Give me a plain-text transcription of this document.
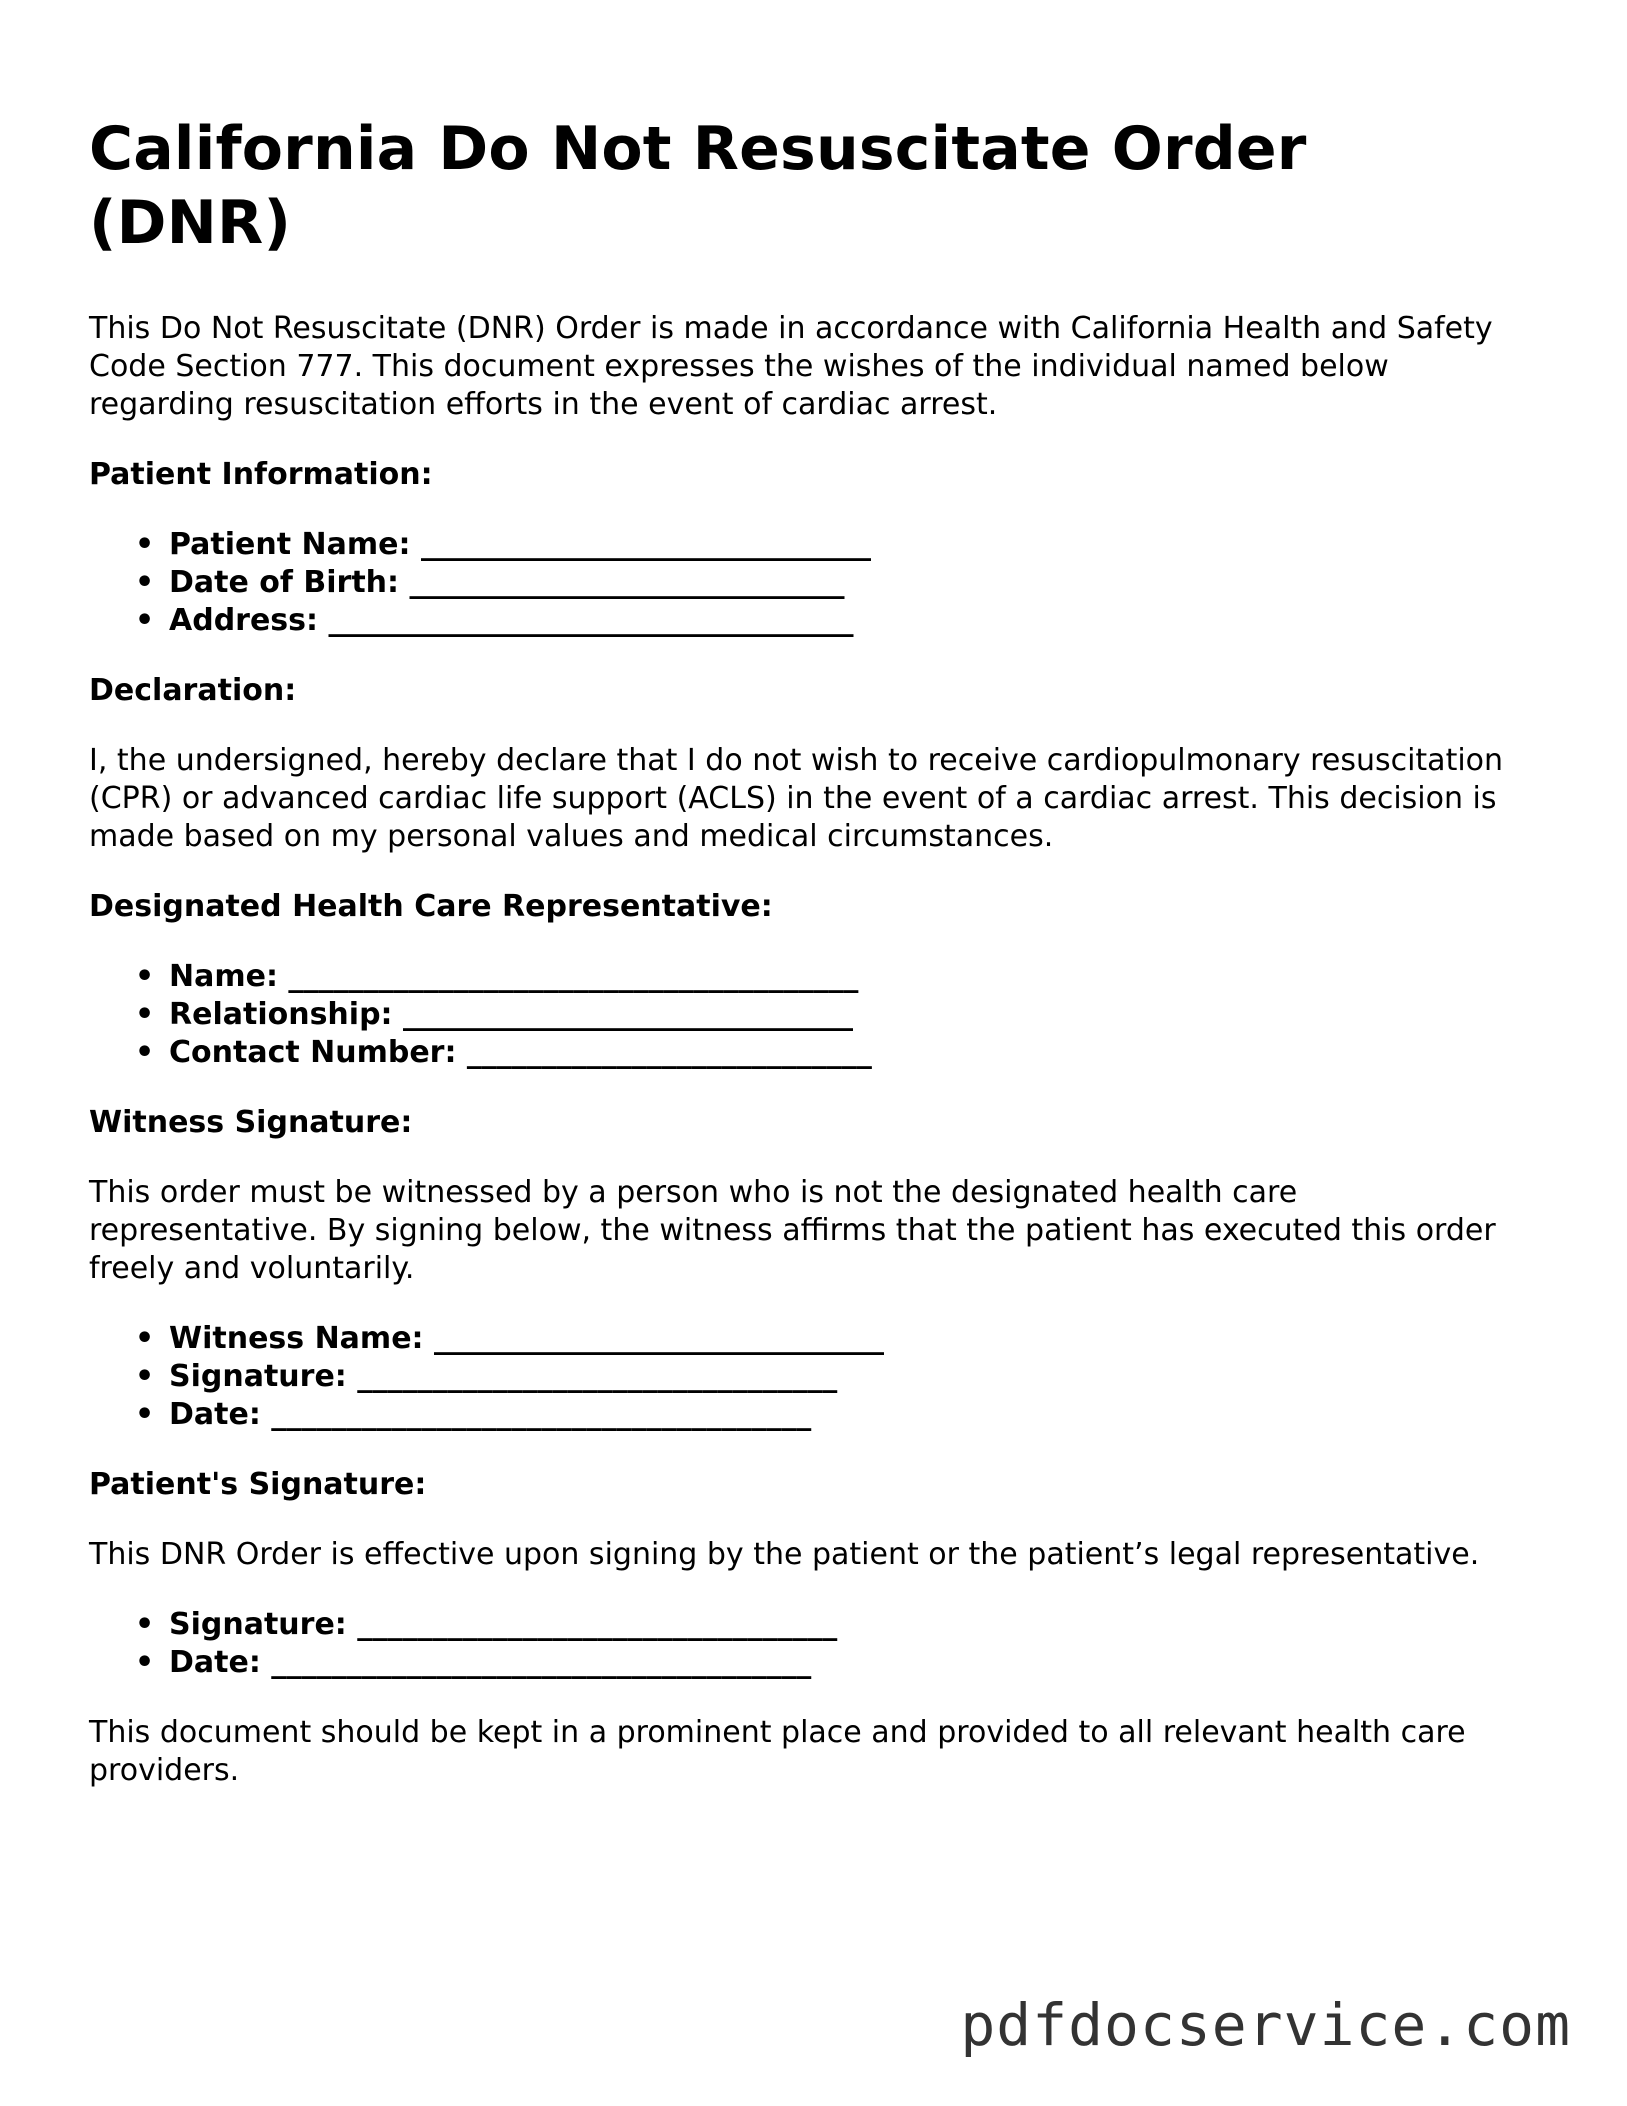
California Do Not Resuscitate Order (DNR)

This Do Not Resuscitate (DNR) Order is made in accordance with California Health and Safety Code Section 777. This document expresses the wishes of the individual named below regarding resuscitation efforts in the event of cardiac arrest.

Patient Information:
• Patient Name: ______________________________
• Date of Birth: _____________________________
• Address: ___________________________________
Declaration:

I, the undersigned, hereby declare that I do not wish to receive cardiopulmonary resuscitation (CPR) or advanced cardiac life support (ACLS) in the event of a cardiac arrest. This decision is made based on my personal values and medical circumstances.

Designated Health Care Representative:
• Name: ______________________________________
• Relationship: ______________________________
• Contact Number: ___________________________
Witness Signature:

This order must be witnessed by a person who is not the designated health care representative. By signing below, the witness affirms that the patient has executed this order freely and voluntarily.

• Witness Name: ______________________________
• Signature: ________________________________
• Date: ____________________________________
Patient's Signature:

This DNR Order is effective upon signing by the patient or the patient’s legal representative.

• Signature: ________________________________
• Date: ____________________________________

This document should be kept in a prominent place and provided to all relevant health care providers.

pdfdocservice.com
